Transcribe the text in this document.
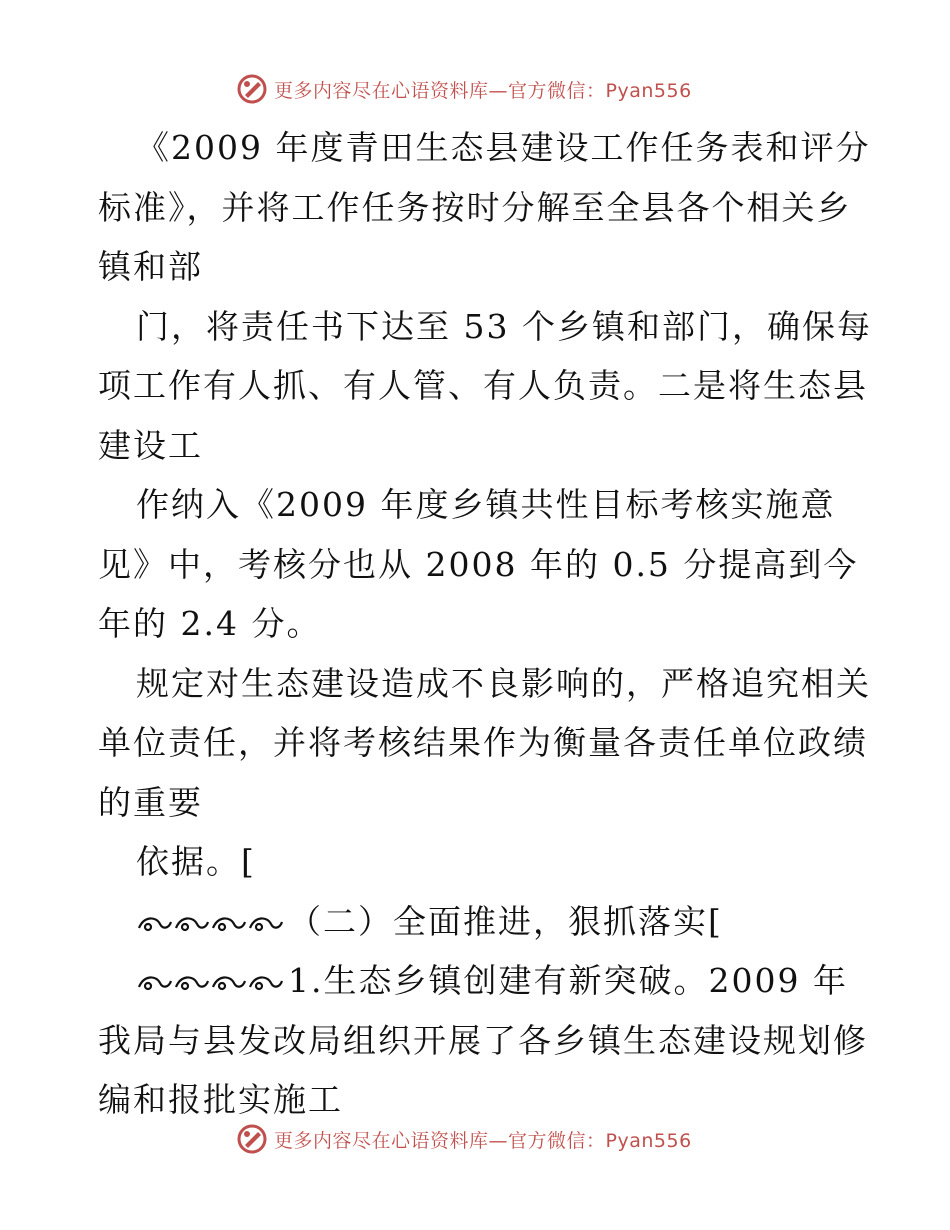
更多内容尽在心语资料库—官方微信：Pyan556
《2009 年度青田生态县建设工作任务表和评分
标准》，并将工作任务按时分解至全县各个相关乡
镇和部
门，将责任书下达至 53 个乡镇和部门，确保每
项工作有人抓、有人管、有人负责。二是将生态县
建设工
作纳入《2009 年度乡镇共性目标考核实施意
见》中，考核分也从 2008 年的 0.5 分提高到今
年的 2.4 分。
规定对生态建设造成不良影响的，严格追究相关
单位责任，并将考核结果作为衡量各责任单位政绩
的重要
依据。[
（二）全面推进，狠抓落实[
1.生态乡镇创建有新突破。2009 年
我局与县发改局组织开展了各乡镇生态建设规划修
编和报批实施工
更多内容尽在心语资料库—官方微信：Pyan556
